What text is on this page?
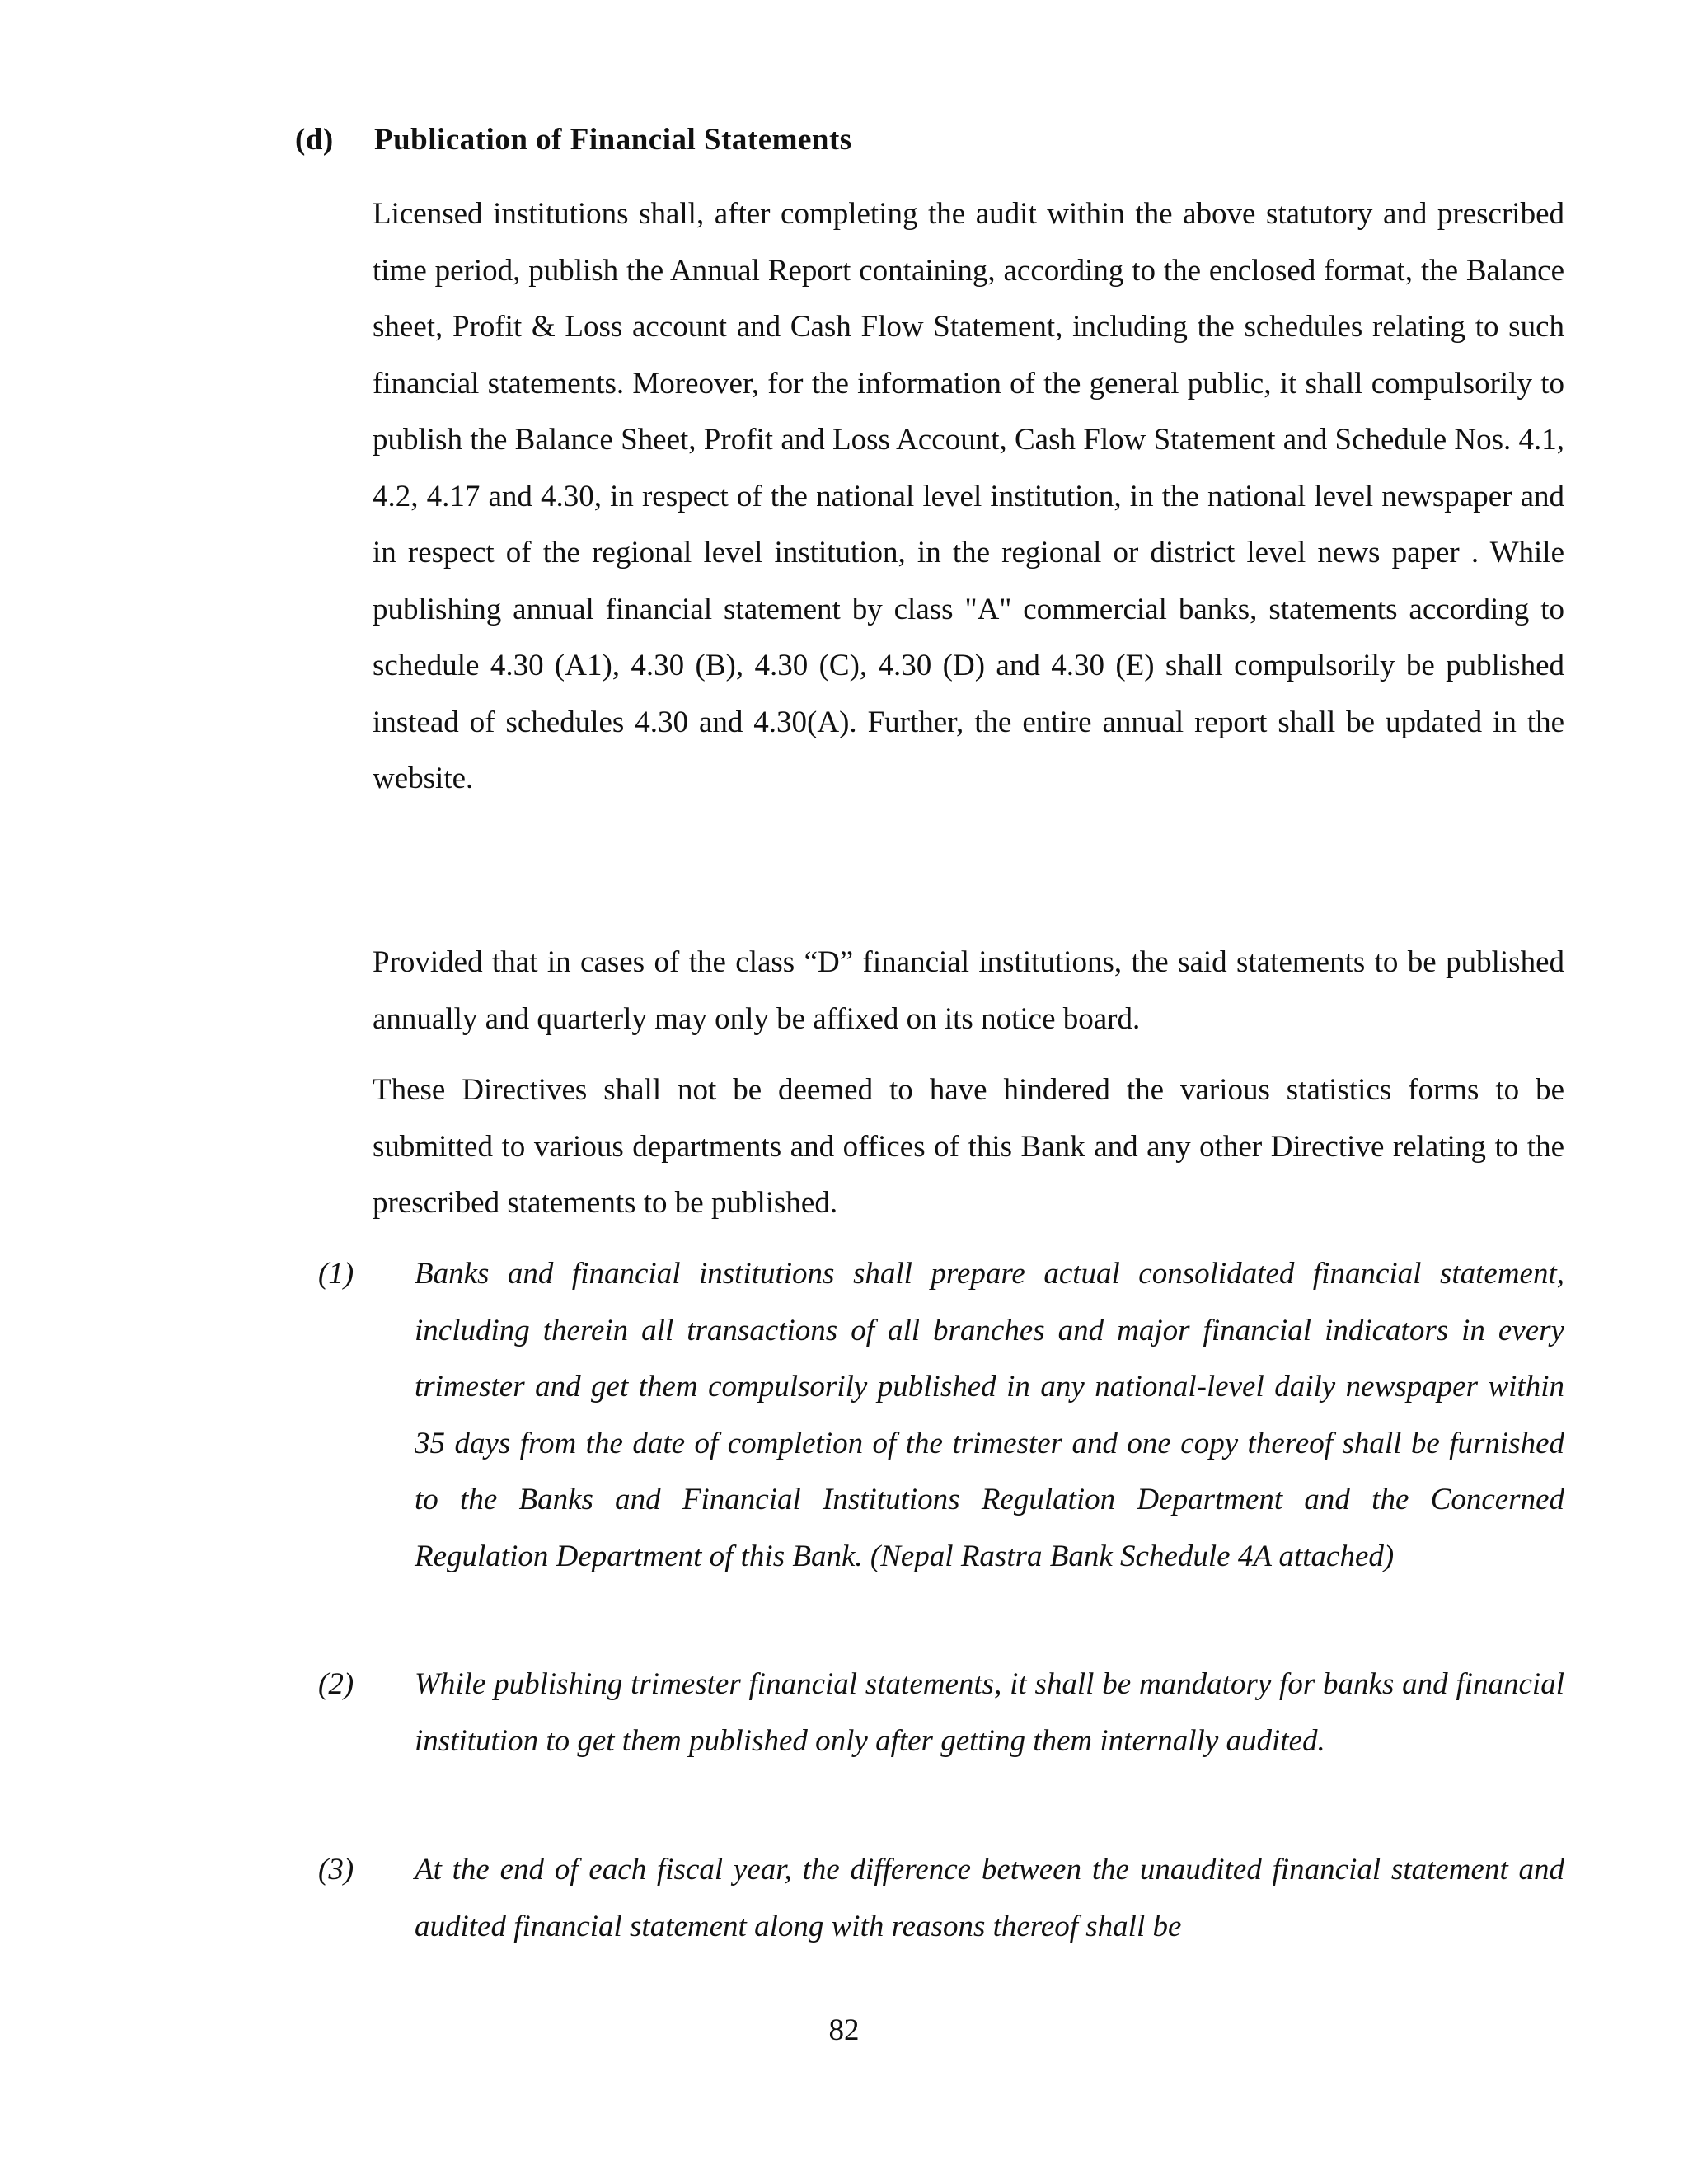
(d) Publication of Financial Statements

Licensed institutions shall, after completing the audit within the above statutory and prescribed time period, publish the Annual Report containing, according to the enclosed format, the Balance sheet, Profit & Loss account and Cash Flow Statement, including the schedules relating to such financial statements. Moreover, for the information of the general public, it shall compulsorily to publish the Balance Sheet, Profit and Loss Account, Cash Flow Statement and Schedule Nos. 4.1, 4.2, 4.17 and 4.30, in respect of the national level institution, in the national level newspaper and in respect of the regional level institution, in the regional or district level news paper . While publishing annual financial statement by class "A" commercial banks, statements according to schedule 4.30 (A1), 4.30 (B), 4.30 (C), 4.30 (D) and 4.30 (E) shall compulsorily be published instead of schedules 4.30 and 4.30(A). Further, the entire annual report shall be updated in the website.

Provided that in cases of the class “D” financial institutions, the said statements to be published annually and quarterly may only be affixed on its notice board.

These Directives shall not be deemed to have hindered the various statistics forms to be submitted to various departments and offices of this Bank and any other Directive relating to the prescribed statements to be published.

(1) Banks and financial institutions shall prepare actual consolidated financial statement, including therein all transactions of all branches and major financial indicators in every trimester and get them compulsorily published in any national-level daily newspaper within 35 days from the date of completion of the trimester and one copy thereof shall be furnished to the Banks and Financial Institutions Regulation Department and the Concerned Regulation Department of this Bank. (Nepal Rastra Bank Schedule 4A attached)
(2) While publishing trimester financial statements, it shall be mandatory for banks and financial institution to get them published only after getting them internally audited.
(3) At the end of each fiscal year, the difference between the unaudited financial statement and audited financial statement along with reasons thereof shall be
82
